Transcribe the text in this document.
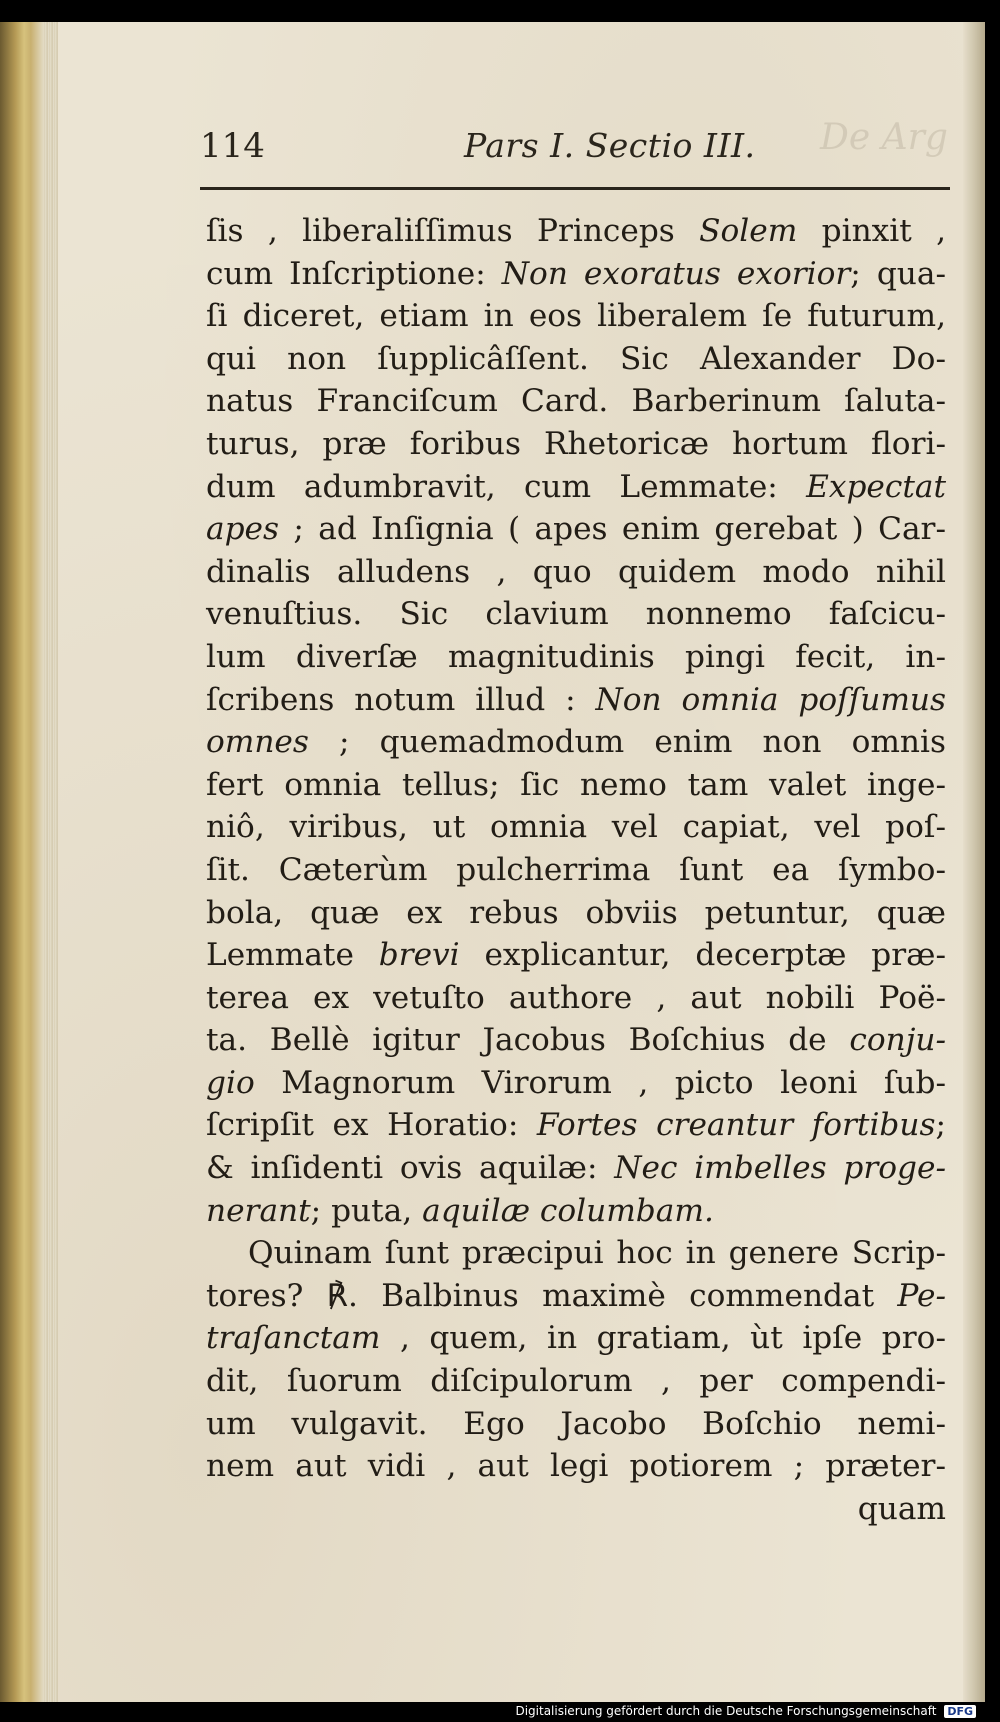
De Arg
114	Pars I. Sectio III.
ſis , liberaliſſimus Princeps Solem pinxit ,
cum Inſcriptione: Non exoratus exorior; qua-
ſi diceret, etiam in eos liberalem ſe futurum,
qui non ſupplicâſſent. Sic Alexander Do-
natus Franciſcum Card. Barberinum ſaluta-
turus, præ foribus Rhetoricæ hortum flori-
dum adumbravit, cum Lemmate: Expectat
apes ; ad Inſignia ( apes enim gerebat ) Car-
dinalis alludens , quo quidem modo nihil
venuſtius. Sic clavium nonnemo faſcicu-
lum diverſæ magnitudinis pingi fecit, in-
ſcribens notum illud : Non omnia poſſumus
omnes ; quemadmodum enim non omnis
fert omnia tellus; ſic nemo tam valet inge-
niô, viribus, ut omnia vel capiat, vel poſ-
ſit. Cæterùm pulcherrima ſunt ea ſymbo-
bola, quæ ex rebus obviis petuntur, quæ
Lemmate brevi explicantur, decerptæ præ-
terea ex vetuſto authore , aut nobili Poë-
ta. Bellè igitur Jacobus Boſchius de conju-
gio Magnorum Virorum , picto leoni ſub-
ſcripſit ex Horatio: Fortes creantur fortibus;
& inſidenti ovis aquilæ: Nec imbelles proge-
nerant; puta, aquilæ columbam.
Quinam ſunt præcipui hoc in genere Scrip-
tores? ℟. Balbinus maximè commendat Pe-
traſanctam , quem, in gratiam, ùt ipſe pro-
dit, ſuorum diſcipulorum , per compendi-
um vulgavit. Ego Jacobo Boſchio nemi-
nem aut vidi , aut legi potiorem ; præter-
quam
Digitalisierung gefördert durch die Deutsche Forschungsgemeinschaft DFG
